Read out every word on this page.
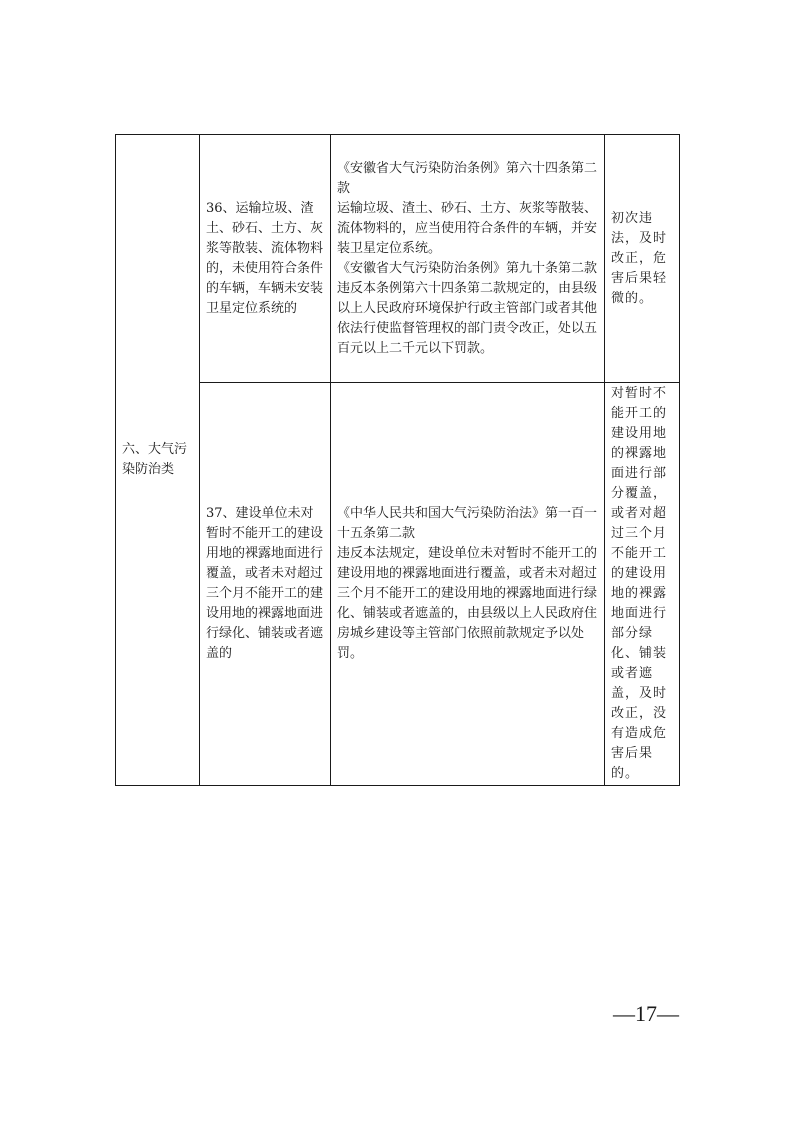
六、大气污染防治类	36、运输垃圾、渣土、砂石、土方、灰浆等散装、流体物料的，未使用符合条件的车辆，车辆未安装卫星定位系统的	《安徽省大气污染防治条例》第六十四条第二款
运输垃圾、渣土、砂石、土方、灰浆等散装、流体物料的，应当使用符合条件的车辆，并安装卫星定位系统。
《安徽省大气污染防治条例》第九十条第二款
违反本条例第六十四条第二款规定的，由县级以上人民政府环境保护行政主管部门或者其他依法行使监督管理权的部门责令改正，处以五百元以上二千元以下罚款。	初次违法，及时改正，危害后果轻微的。
	37、建设单位未对暂时不能开工的建设用地的裸露地面进行覆盖，或者未对超过三个月不能开工的建设用地的裸露地面进行绿化、铺装或者遮盖的	《中华人民共和国大气污染防治法》第一百一十五条第二款
违反本法规定，建设单位未对暂时不能开工的建设用地的裸露地面进行覆盖，或者未对超过三个月不能开工的建设用地的裸露地面进行绿化、铺装或者遮盖的，由县级以上人民政府住房城乡建设等主管部门依照前款规定予以处罚。	对暂时不能开工的建设用地的裸露地面进行部分覆盖，或者对超过三个月不能开工的建设用地的裸露地面进行部分绿化、铺装或者遮盖，及时改正，没有造成危害后果的。
—17—
